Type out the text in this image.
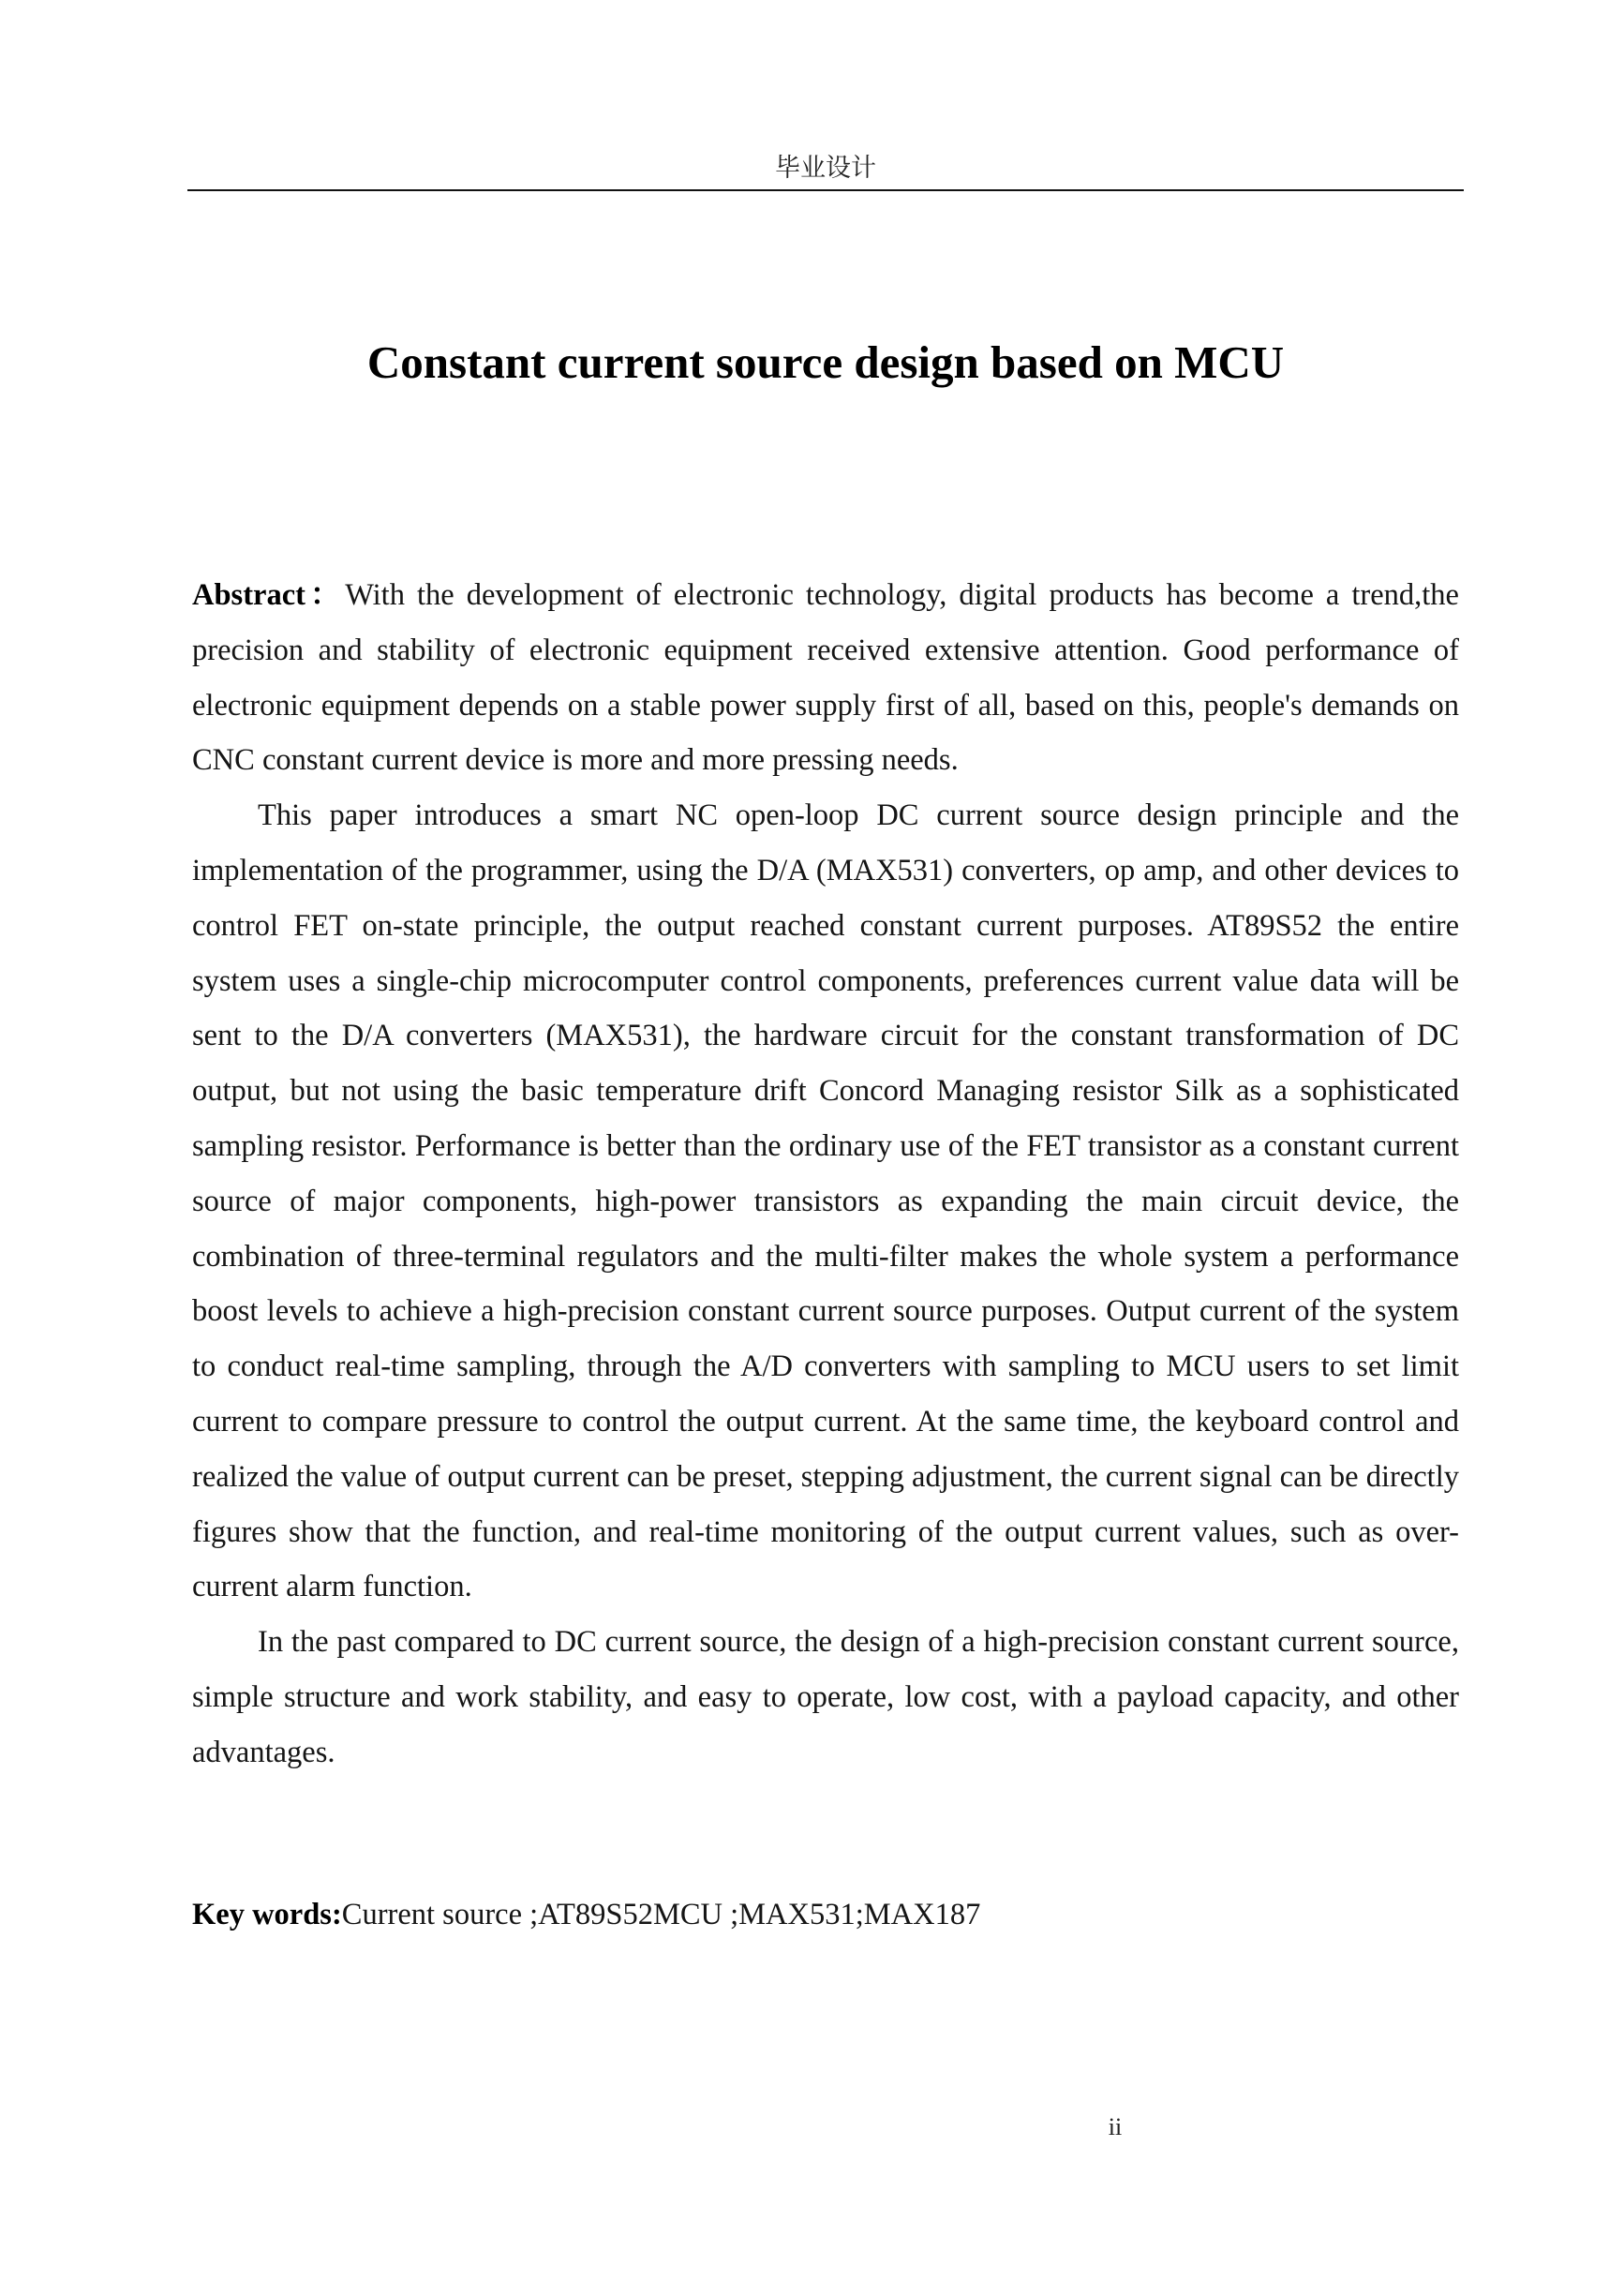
毕业设计
Constant current source design based on MCU

Abstract：With the development of electronic technology, digital products has become a trend,the precision and stability of electronic equipment received extensive attention. Good performance of electronic equipment depends on a stable power supply first of all, based on this, people's demands on CNC constant current device is more and more pressing needs.

This paper introduces a smart NC open-loop DC current source design principle and the implementation of the programmer, using the D/A (MAX531) converters, op amp, and other devices to control FET on-state principle, the output reached constant current purposes. AT89S52 the entire system uses a single-chip microcomputer control components, preferences current value data will be sent to the D/A converters (MAX531), the hardware circuit for the constant transformation of DC output, but not using the basic temperature drift Concord Managing resistor Silk as a sophisticated sampling resistor. Performance is better than the ordinary use of the FET transistor as a constant current source of major components, high-power transistors as expanding the main circuit device, the combination of three-terminal regulators and the multi-filter makes the whole system a performance boost levels to achieve a high-precision constant current source purposes. Output current of the system to conduct real-time sampling, through the A/D converters with sampling to MCU users to set limit current to compare pressure to control the output current. At the same time, the keyboard control and realized the value of output current can be preset, stepping adjustment, the current signal can be directly figures show that the function, and real-time monitoring of the output current values, such as over-current alarm function.

In the past compared to DC current source, the design of a high-precision constant current source, simple structure and work stability, and easy to operate, low cost, with a payload capacity, and other advantages.

Key words:Current source ;AT89S52MCU ;MAX531;MAX187
ii
